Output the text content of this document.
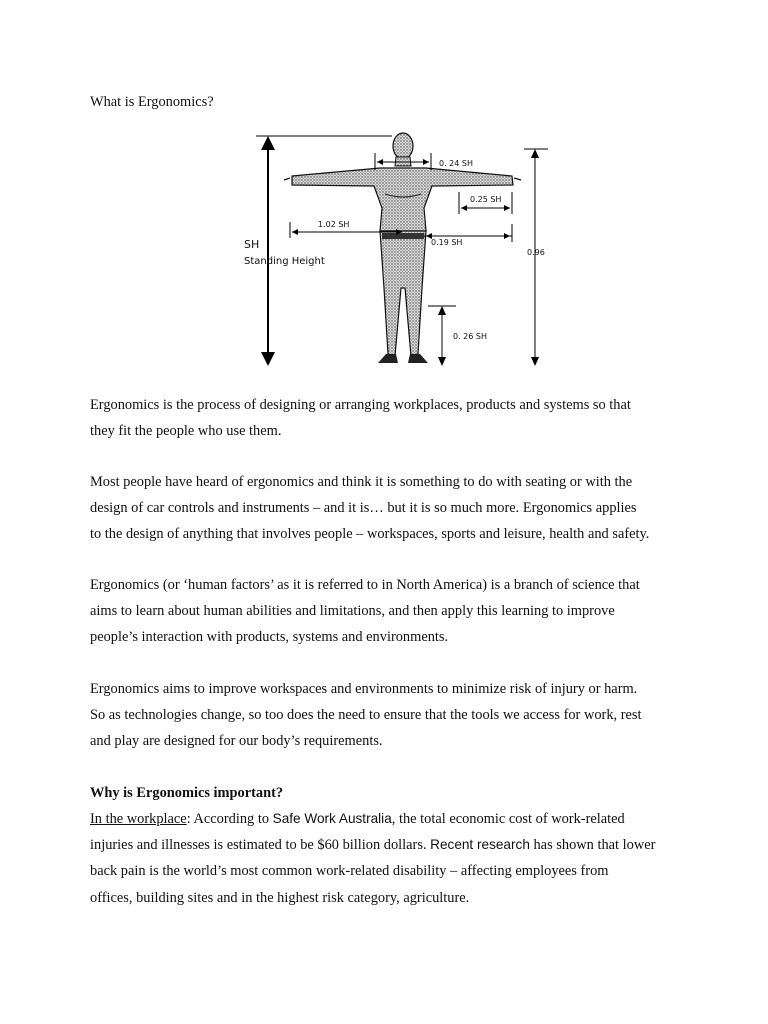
What is Ergonomics?
SH
Standing Height
0. 24 SH
0.25 SH
1.02 SH
0.19 SH
0.96
0. 26 SH
Ergonomics is the process of designing or arranging workplaces, products and systems so that
they fit the people who use them.
Most people have heard of ergonomics and think it is something to do with seating or with the
design of car controls and instruments – and it is… but it is so much more. Ergonomics applies
to the design of anything that involves people – workspaces, sports and leisure, health and safety.
Ergonomics (or ‘human factors’ as it is referred to in North America) is a branch of science that
aims to learn about human abilities and limitations, and then apply this learning to improve
people’s interaction with products, systems and environments.
Ergonomics aims to improve workspaces and environments to minimize risk of injury or harm.
So as technologies change, so too does the need to ensure that the tools we access for work, rest
and play are designed for our body’s requirements.
Why is Ergonomics important?
In the workplace: According to Safe Work Australia, the total economic cost of work-related
injuries and illnesses is estimated to be $60 billion dollars. Recent research has shown that lower
back pain is the world’s most common work-related disability – affecting employees from
offices, building sites and in the highest risk category, agriculture.
